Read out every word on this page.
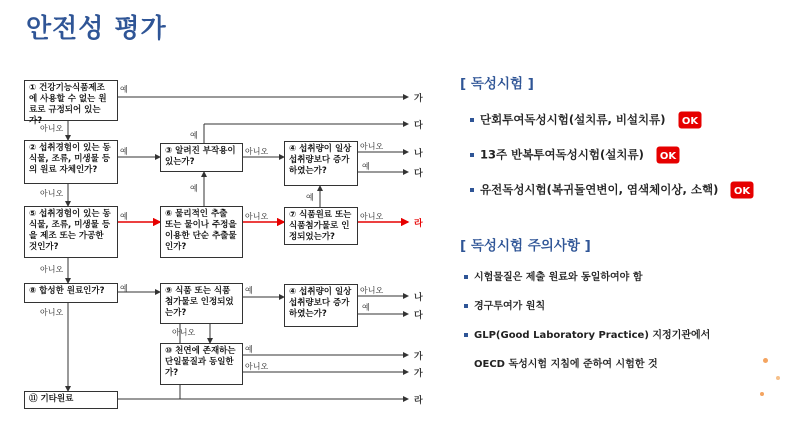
안전성 평가
① 건강기능식품제조에 사용할 수 없는 원료로 규정되어 있는가?
② 섭취경험이 있는 동식물, 조류, 미생물 등의 원료 자체인가?
③ 알려진 부작용이 있는가?
④ 섭취량이 일상 섭취량보다 증가하였는가?
⑤ 섭취경험이 있는 동식물, 조류, 미생물 등을 제조 또는 가공한 것인가?
⑥ 물리적인 추출 또는 물이나 주정을 이용한 단순 추출물인가?
⑦ 식품원료 또는 식품첨가물로 인정되었는가?
⑧ 합성한 원료인가?	⑨ 식품 또는 식품첨가물로 인정되었는가?
④ 섭취량이 일상 섭취량보다 증가하였는가?
⑩ 천연에 존재하는 단일물질과 동일한가?
⑪ 기타원료
예
아니오
예
아니오
예
아니오
아니오
예
예
예	아니오
예
아니오
아니오
예
아니오
예	아니오
예
아니오
예
아니오
가
다
나
다
라
나
다
가
가
라
[ 독성시험 ]
단회투여독성시험(설치류, 비설치류) OK
13주 반복투여독성시험(설치류) OK
유전독성시험(복귀돌연변이, 염색체이상, 소핵) OK
[ 독성시험 주의사항 ]
시험물질은 제출 원료와 동일하여야 함
경구투여가 원칙
GLP(Good Laboratory Practice) 지정기관에서
OECD 독성시험 지침에 준하여 시험한 것
